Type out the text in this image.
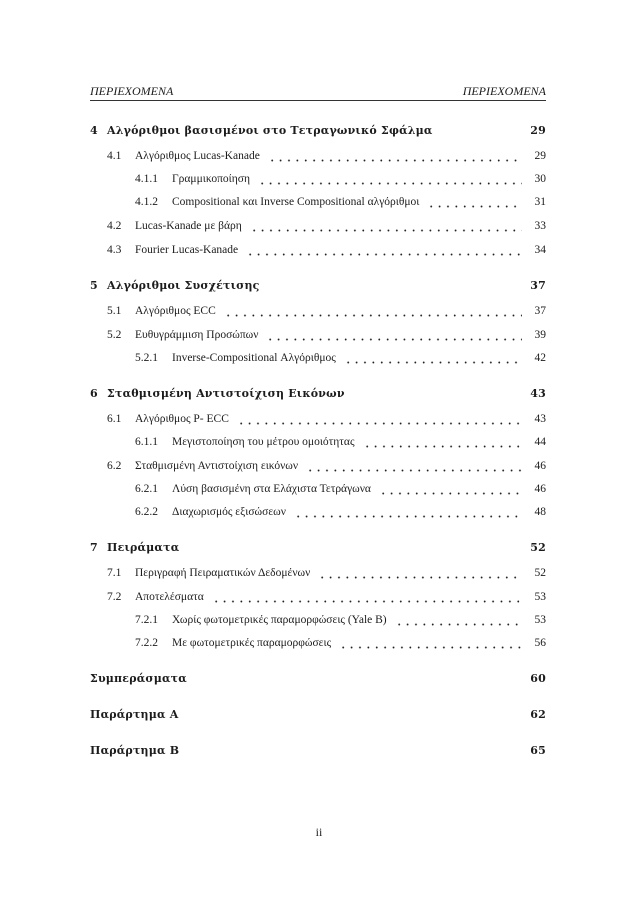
ΠΕΡΙΕΧΟΜΕΝΑ	ΠΕΡΙΕΧΟΜΕΝΑ
4 Αλγόριθμοι βασισμένοι στο Τετραγωνικό Σφάλμα	29
4.1	Αλγόριθμος Lucas-Kanade	29
4.1.1	Γραμμικοποίηση	30
4.1.2	Compositional και Inverse Compositional αλγόριθμοι	31
4.2	Lucas-Kanade με βάρη	33
4.3	Fourier Lucas-Kanade	34
5 Αλγόριθμοι Συσχέτισης	37
5.1	Αλγόριθμος ECC	37
5.2	Ευθυγράμμιση Προσώπων	39
5.2.1	Inverse-Compositional Αλγόριθμος	42
6 Σταθμισμένη Αντιστοίχιση Εικόνων	43
6.1	Αλγόριθμος P- ECC	43
6.1.1	Μεγιστοποίηση του μέτρου ομοιότητας	44
6.2	Σταθμισμένη Αντιστοίχιση εικόνων	46
6.2.1	Λύση βασισμένη στα Ελάχιστα Τετράγωνα	46
6.2.2	Διαχωρισμός εξισώσεων	48
7 Πειράματα	52
7.1	Περιγραφή Πειραματικών Δεδομένων	52
7.2	Αποτελέσματα	53
7.2.1	Χωρίς φωτομετρικές παραμορφώσεις (Yale B)	53
7.2.2	Με φωτομετρικές παραμορφώσεις	56
Συμπεράσματα	60
Παράρτημα Α	62
Παράρτημα Β	65
ii
